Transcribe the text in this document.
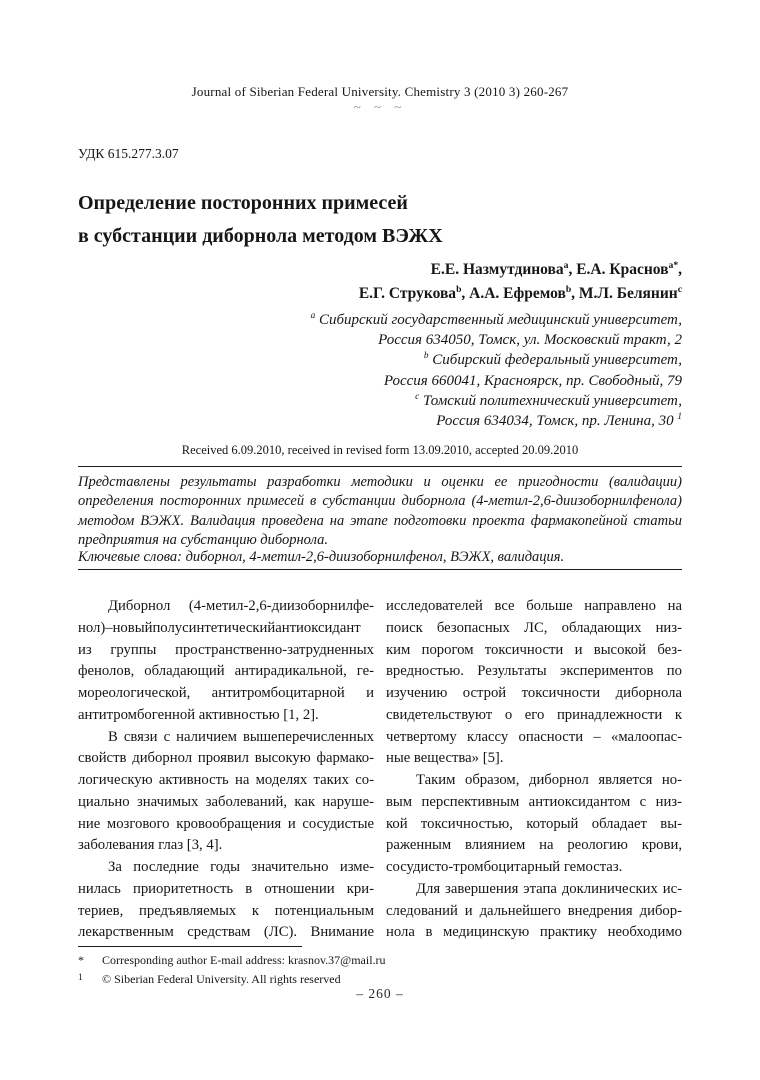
Journal of Siberian Federal University. Chemistry 3 (2010 3) 260-267
~ ~ ~
УДК 615.277.3.07
Определение посторонних примесей
в субстанции диборнола методом ВЭЖХ
Е.Е. Назмутдинова$^a$, Е.А. Краснов$^{a*}$,
Е.Г. Струкова$^b$, А.А. Ефремов$^b$, М.Л. Белянин$^c$
$^a$ Сибирский государственный медицинский университет,
Россия 634050, Томск, ул. Московский тракт, 2
$^b$ Сибирский федеральный университет,
Россия 660041, Красноярск, пр. Свободный, 79
$^c$ Томский политехнический университет,
Россия 634034, Томск, пр. Ленина, 30 $^1$
Received 6.09.2010, received in revised form 13.09.2010, accepted 20.09.2010
Представлены результаты разработки методики и оценки ее пригодности (валидации)
определения посторонних примесей в субстанции диборнола (4-метил-2,6-диизоборнилфенола)
методом ВЭЖХ. Валидация проведена на этапе подготовки проекта фармакопейной статьи
предприятия на субстанцию диборнола.
Ключевые слова: диборнол, 4-метил-2,6-диизоборнилфенол, ВЭЖХ, валидация.
Диборнол (4-метил-2,6-диизоборнилфе-
нол)–новыйполусинтетическийантиоксидант
из группы пространственно-затрудненных
фенолов, обладающий антирадикальной, ге-
мореологической, антитромбоцитарной и
антитромбогенной активностью [1, 2].
В связи с наличием вышеперечисленных
свойств диборнол проявил высокую фармако-
логическую активность на моделях таких со-
циально значимых заболеваний, как наруше-
ние мозгового кровообращения и сосудистые
заболевания глаз [3, 4].
За последние годы значительно изме-
нилась приоритетность в отношении кри-
териев, предъявляемых к потенциальным
лекарственным средствам (ЛС). Внимание
исследователей все больше направлено на
поиск безопасных ЛС, обладающих низ-
ким порогом токсичности и высокой без-
вредностью. Результаты экспериментов по
изучению острой токсичности диборнола
свидетельствуют о его принадлежности к
четвертому классу опасности – «малоопас-
ные вещества» [5].
Таким образом, диборнол является но-
вым перспективным антиоксидантом с низ-
кой токсичностью, который обладает вы-
раженным влиянием на реологию крови,
сосудисто-тромбоцитарный гемостаз.
Для завершения этапа доклинических ис-
следований и дальнейшего внедрения дибор-
нола в медицинскую практику необходимо
* Corresponding author E-mail address: krasnov.37@mail.ru
1 © Siberian Federal University. All rights reserved
– 260 –
